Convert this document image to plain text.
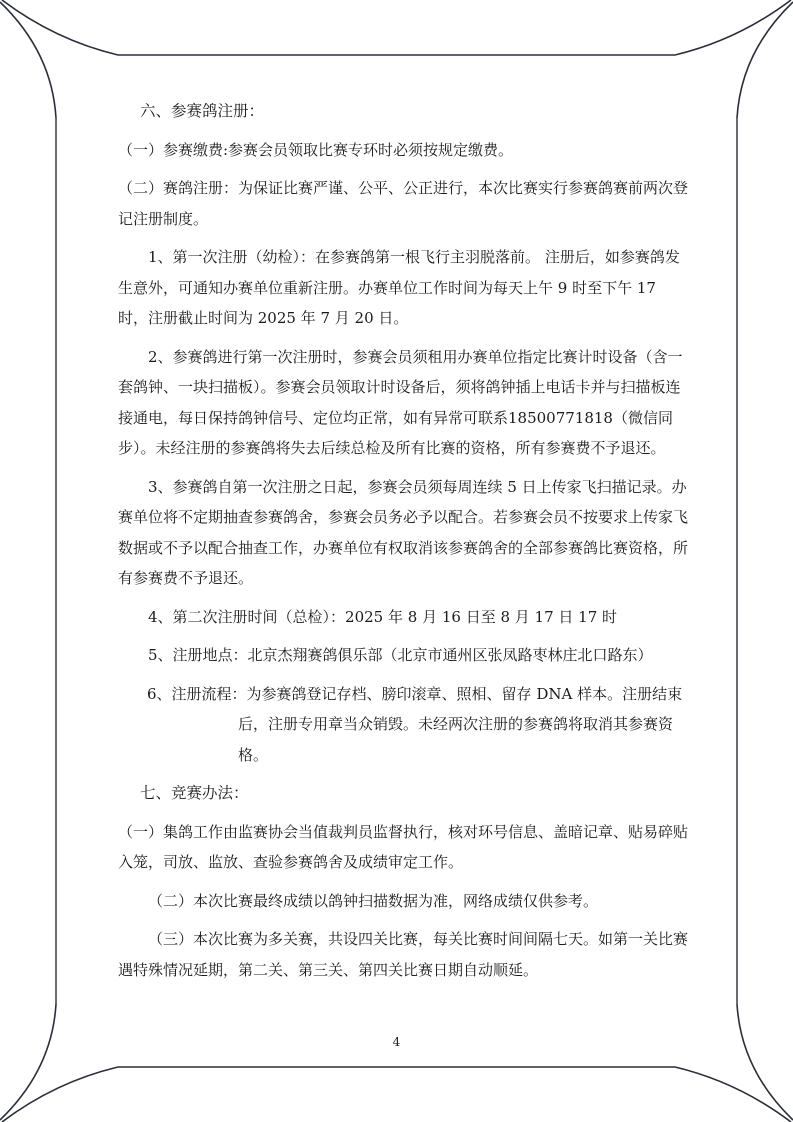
六、参赛鸽注册：

（一）参赛缴费:参赛会员领取比赛专环时必须按规定缴费。

（二）赛鸽注册：为保证比赛严谨、公平、公正进行，本次比赛实行参赛鸽赛前两次登记注册制度。

1、第一次注册（幼检）：在参赛鸽第一根飞行主羽脱落前。 注册后，如参赛鸽发生意外，可通知办赛单位重新注册。办赛单位工作时间为每天上午 9 时至下午 17 时，注册截止时间为 2025 年 7 月 20 日。

2、参赛鸽进行第一次注册时，参赛会员须租用办赛单位指定比赛计时设备（含一套鸽钟、一块扫描板）。参赛会员领取计时设备后，须将鸽钟插上电话卡并与扫描板连接通电，每日保持鸽钟信号、定位均正常，如有异常可联系18500771818（微信同步）。未经注册的参赛鸽将失去后续总检及所有比赛的资格，所有参赛费不予退还。

3、参赛鸽自第一次注册之日起，参赛会员须每周连续 5 日上传家飞扫描记录。办赛单位将不定期抽查参赛鸽舍，参赛会员务必予以配合。若参赛会员不按要求上传家飞数据或不予以配合抽查工作，办赛单位有权取消该参赛鸽舍的全部参赛鸽比赛资格，所有参赛费不予退还。

4、第二次注册时间（总检）：2025 年 8 月 16 日至 8 月 17 日 17 时

5、注册地点：北京杰翔赛鸽俱乐部（北京市通州区张凤路枣林庄北口路东）

6、注册流程：为参赛鸽登记存档、膀印滚章、照相、留存 DNA 样本。注册结束后，注册专用章当众销毁。未经两次注册的参赛鸽将取消其参赛资格。

七、竞赛办法：

（一）集鸽工作由监赛协会当值裁判员监督执行，核对环号信息、盖暗记章、贴易碎贴入笼，司放、监放、查验参赛鸽舍及成绩审定工作。

（二）本次比赛最终成绩以鸽钟扫描数据为准，网络成绩仅供参考。

（三）本次比赛为多关赛，共设四关比赛，每关比赛时间间隔七天。如第一关比赛遇特殊情况延期，第二关、第三关、第四关比赛日期自动顺延。

4
